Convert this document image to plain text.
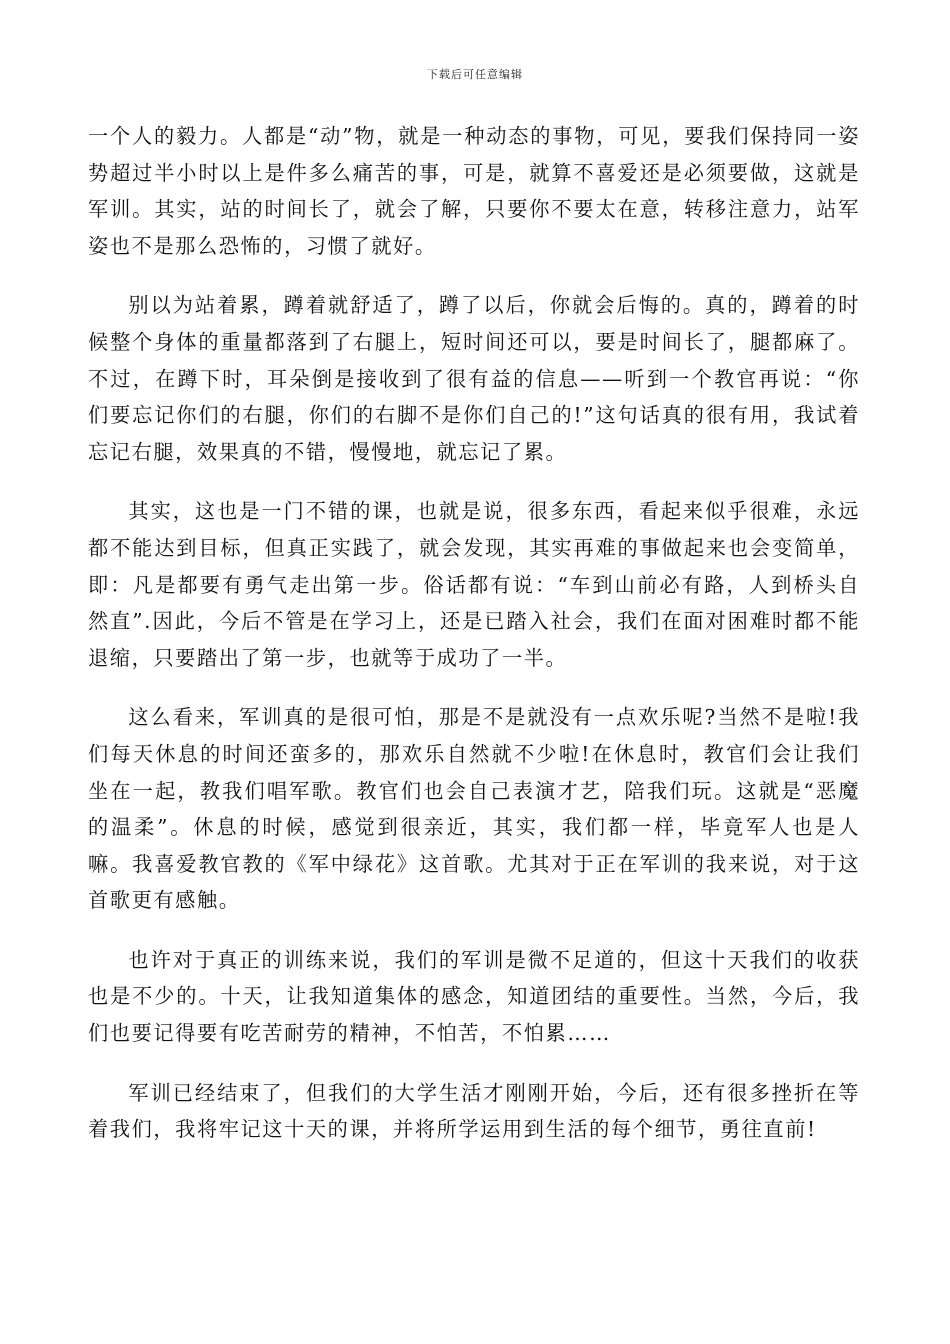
下载后可任意编辑

一个人的毅力。人都是“动”物，就是一种动态的事物，可见，要我们保持同一姿势超过半小时以上是件多么痛苦的事，可是，就算不喜爱还是必须要做，这就是军训。其实，站的时间长了，就会了解，只要你不要太在意，转移注意力，站军姿也不是那么恐怖的，习惯了就好。

别以为站着累，蹲着就舒适了，蹲了以后，你就会后悔的。真的，蹲着的时候整个身体的重量都落到了右腿上，短时间还可以，要是时间长了，腿都麻了。不过，在蹲下时，耳朵倒是接收到了很有益的信息——听到一个教官再说：“你们要忘记你们的右腿，你们的右脚不是你们自己的!”这句话真的很有用，我试着忘记右腿，效果真的不错，慢慢地，就忘记了累。

其实，这也是一门不错的课，也就是说，很多东西，看起来似乎很难，永远都不能达到目标，但真正实践了，就会发现，其实再难的事做起来也会变简单，即：凡是都要有勇气走出第一步。俗话都有说：“车到山前必有路，人到桥头自然直”.因此，今后不管是在学习上，还是已踏入社会，我们在面对困难时都不能退缩，只要踏出了第一步，也就等于成功了一半。

这么看来，军训真的是很可怕，那是不是就没有一点欢乐呢?当然不是啦!我们每天休息的时间还蛮多的，那欢乐自然就不少啦!在休息时，教官们会让我们坐在一起，教我们唱军歌。教官们也会自己表演才艺，陪我们玩。这就是“恶魔的温柔”。休息的时候，感觉到很亲近，其实，我们都一样，毕竟军人也是人嘛。我喜爱教官教的《军中绿花》这首歌。尤其对于正在军训的我来说，对于这首歌更有感触。

也许对于真正的训练来说，我们的军训是微不足道的，但这十天我们的收获也是不少的。十天，让我知道集体的感念，知道团结的重要性。当然，今后，我们也要记得要有吃苦耐劳的精神，不怕苦，不怕累……

军训已经结束了，但我们的大学生活才刚刚开始，今后，还有很多挫折在等着我们，我将牢记这十天的课，并将所学运用到生活的每个细节，勇往直前!
